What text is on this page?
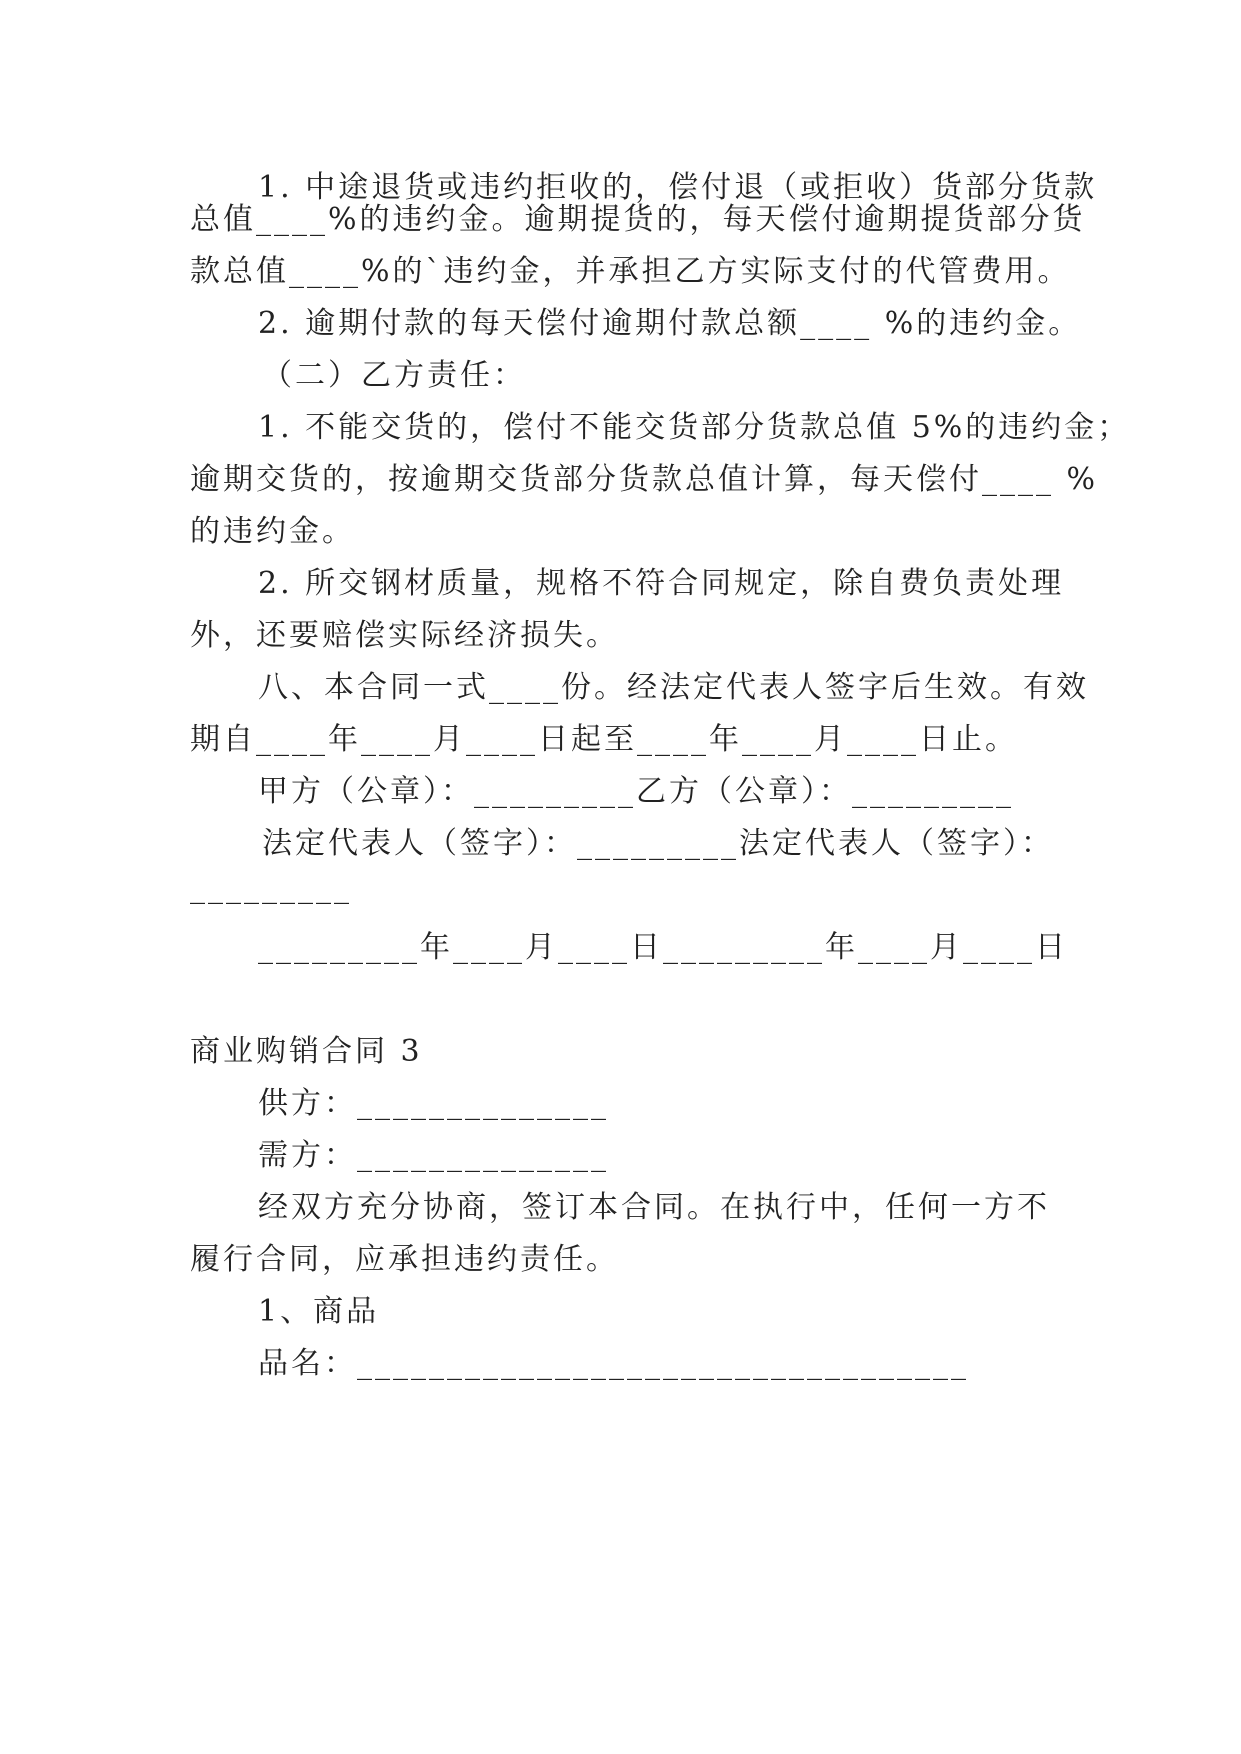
1. 中途退货或违约拒收的，偿付退（或拒收）货部分货款
总值____%的违约金。逾期提货的，每天偿付逾期提货部分货
款总值____%的`违约金，并承担乙方实际支付的代管费用。
2. 逾期付款的每天偿付逾期付款总额____ %的违约金。
（二）乙方责任：
1. 不能交货的，偿付不能交货部分货款总值 5%的违约金；
逾期交货的，按逾期交货部分货款总值计算，每天偿付____ %
的违约金。
2. 所交钢材质量，规格不符合同规定，除自费负责处理
外，还要赔偿实际经济损失。
八、本合同一式____份。经法定代表人签字后生效。有效
期自____年____月____日起至____年____月____日止。
甲方（公章）：_________乙方（公章）：_________
法定代表人（签字）：_________法定代表人（签字）：
_________
_________年____月____日_________年____月____日
商业购销合同 3
供方：______________
需方：______________
经双方充分协商，签订本合同。在执行中，任何一方不
履行合同，应承担违约责任。
1、商品
品名：__________________________________
